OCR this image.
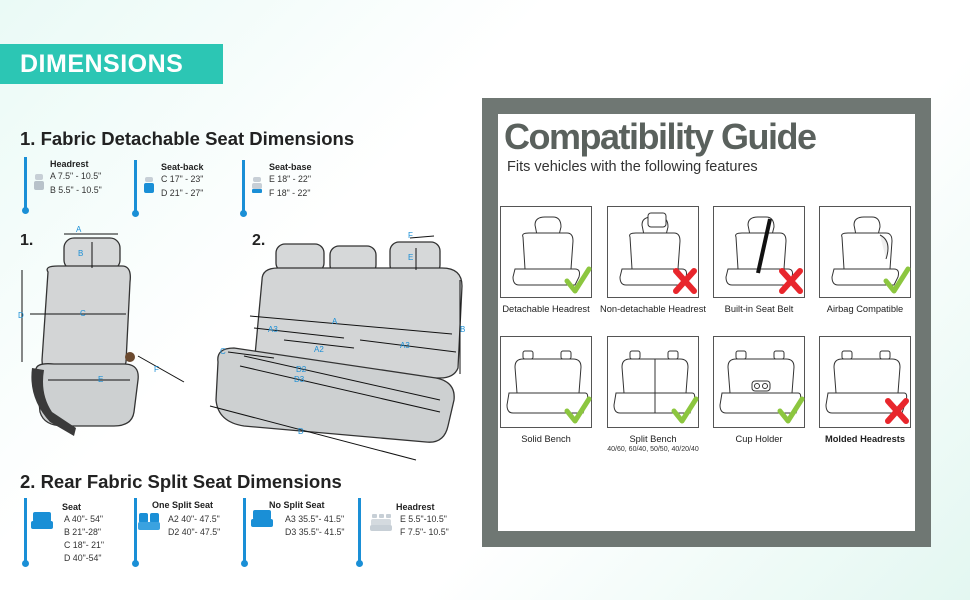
DIMENSIONS
1. Fabric Detachable Seat Dimensions
Headrest
A 7.5" - 10.5"
B 5.5" - 10.5"
Seat-back
C 17" - 23"
D 21" - 27"
Seat-base
E 18" - 22"
F 18" - 22"
1.	2.
A
B
C
D
E
F
F
E
A
A3
A2	A3
B
C
D2
D3
D
2. Rear Fabric Split Seat Dimensions
Seat
A 40"- 54"
B 21"-28"
C 18"- 21"
D 40"-54"
One Split Seat
A2 40"- 47.5"
D2 40"- 47.5"
No Split Seat
A3 35.5"- 41.5"
D3 35.5"- 41.5"
Headrest
E 5.5"-10.5"
F 7.5"- 10.5"
Compatibility Guide
Fits vehicles with the following features
Detachable Headrest	Non-detachable Headrest	Built-in Seat Belt	Airbag Compatible
Solid Bench	Split Bench
40/60, 60/40, 50/50, 40/20/40
Cup Holder	Molded Headrests
